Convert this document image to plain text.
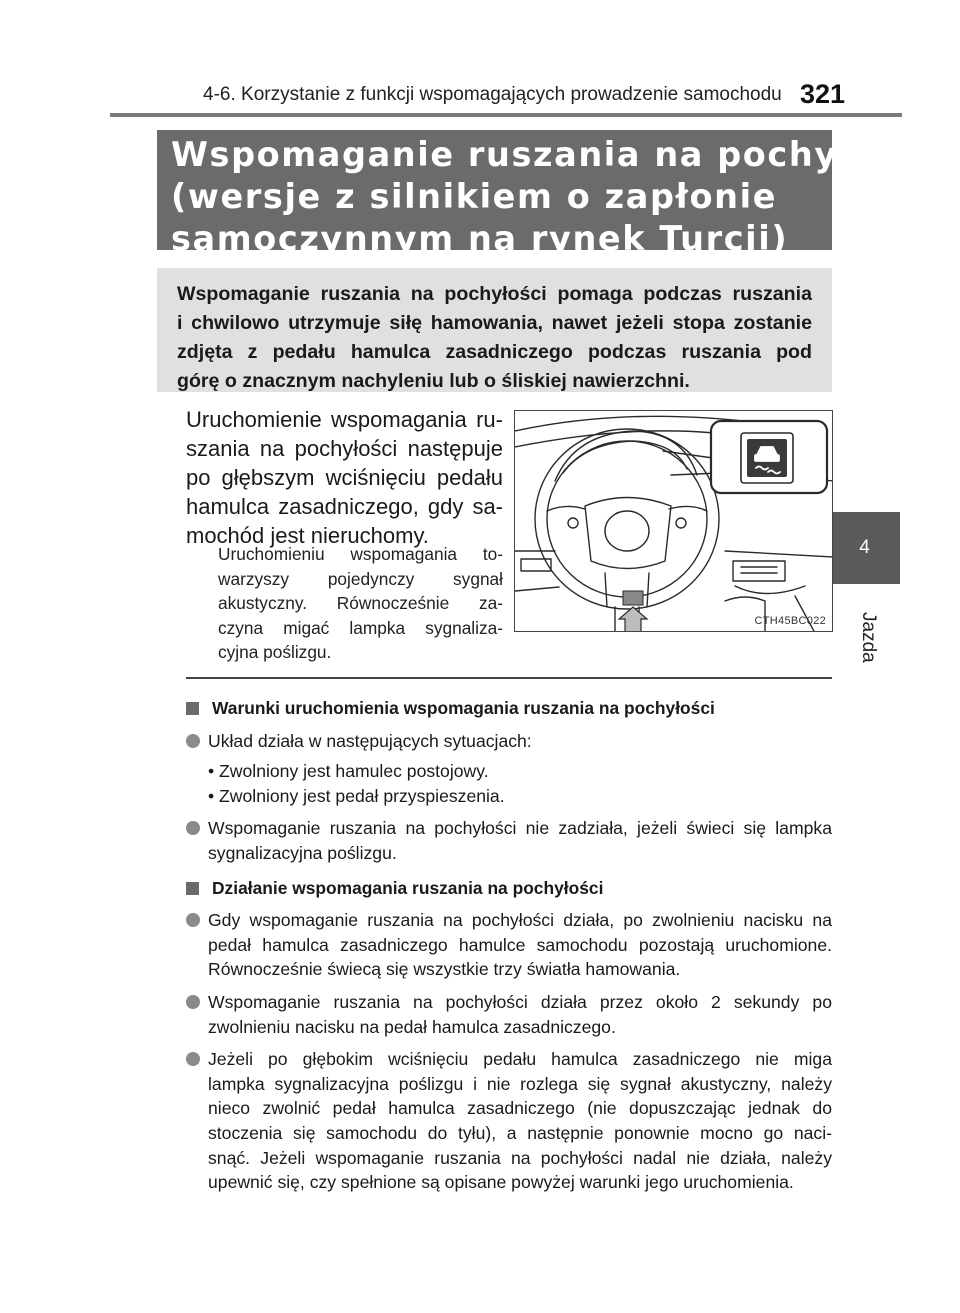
4-6. Korzystanie z funkcji wspomagających prowadzenie samochodu 321
4
Jazda
Wspomaganie ruszania na pochyłości
(wersje z silnikiem o zapłonie
samoczynnym na rynek Turcji)
Wspomaganie ruszania na pochyłości pomaga podczas ruszania
i chwilowo utrzymuje siłę hamowania, nawet jeżeli stopa zostanie
zdjęta z pedału hamulca zasadniczego podczas ruszania pod
górę o znacznym nachyleniu lub o śliskiej nawierzchni.
Uruchomienie wspomagania ru-
szania na pochyłości następuje
po głębszym wciśnięciu pedału
hamulca zasadniczego, gdy sa-
mochód jest nieruchomy.
Uruchomieniu wspomagania to-
warzyszy pojedynczy sygnał
akustyczny. Równocześnie za-
czyna migać lampka sygnaliza-
cyjna poślizgu.
CTH45BC022
Warunki uruchomienia wspomagania ruszania na pochyłości
Układ działa w następujących sytuacjach:
• Zwolniony jest hamulec postojowy.
• Zwolniony jest pedał przyspieszenia.
Wspomaganie ruszania na pochyłości nie zadziała, jeżeli świeci się lampka
sygnalizacyjna poślizgu.
Działanie wspomagania ruszania na pochyłości
Gdy wspomaganie ruszania na pochyłości działa, po zwolnieniu nacisku na
pedał hamulca zasadniczego hamulce samochodu pozostają uruchomione.
Równocześnie świecą się wszystkie trzy światła hamowania.
Wspomaganie ruszania na pochyłości działa przez około 2 sekundy po
zwolnieniu nacisku na pedał hamulca zasadniczego.
Jeżeli po głębokim wciśnięciu pedału hamulca zasadniczego nie miga
lampka sygnalizacyjna poślizgu i nie rozlega się sygnał akustyczny, należy
nieco zwolnić pedał hamulca zasadniczego (nie dopuszczając jednak do
stoczenia się samochodu do tyłu), a następnie ponownie mocno go naci-
snąć. Jeżeli wspomaganie ruszania na pochyłości nadal nie działa, należy
upewnić się, czy spełnione są opisane powyżej warunki jego uruchomienia.
